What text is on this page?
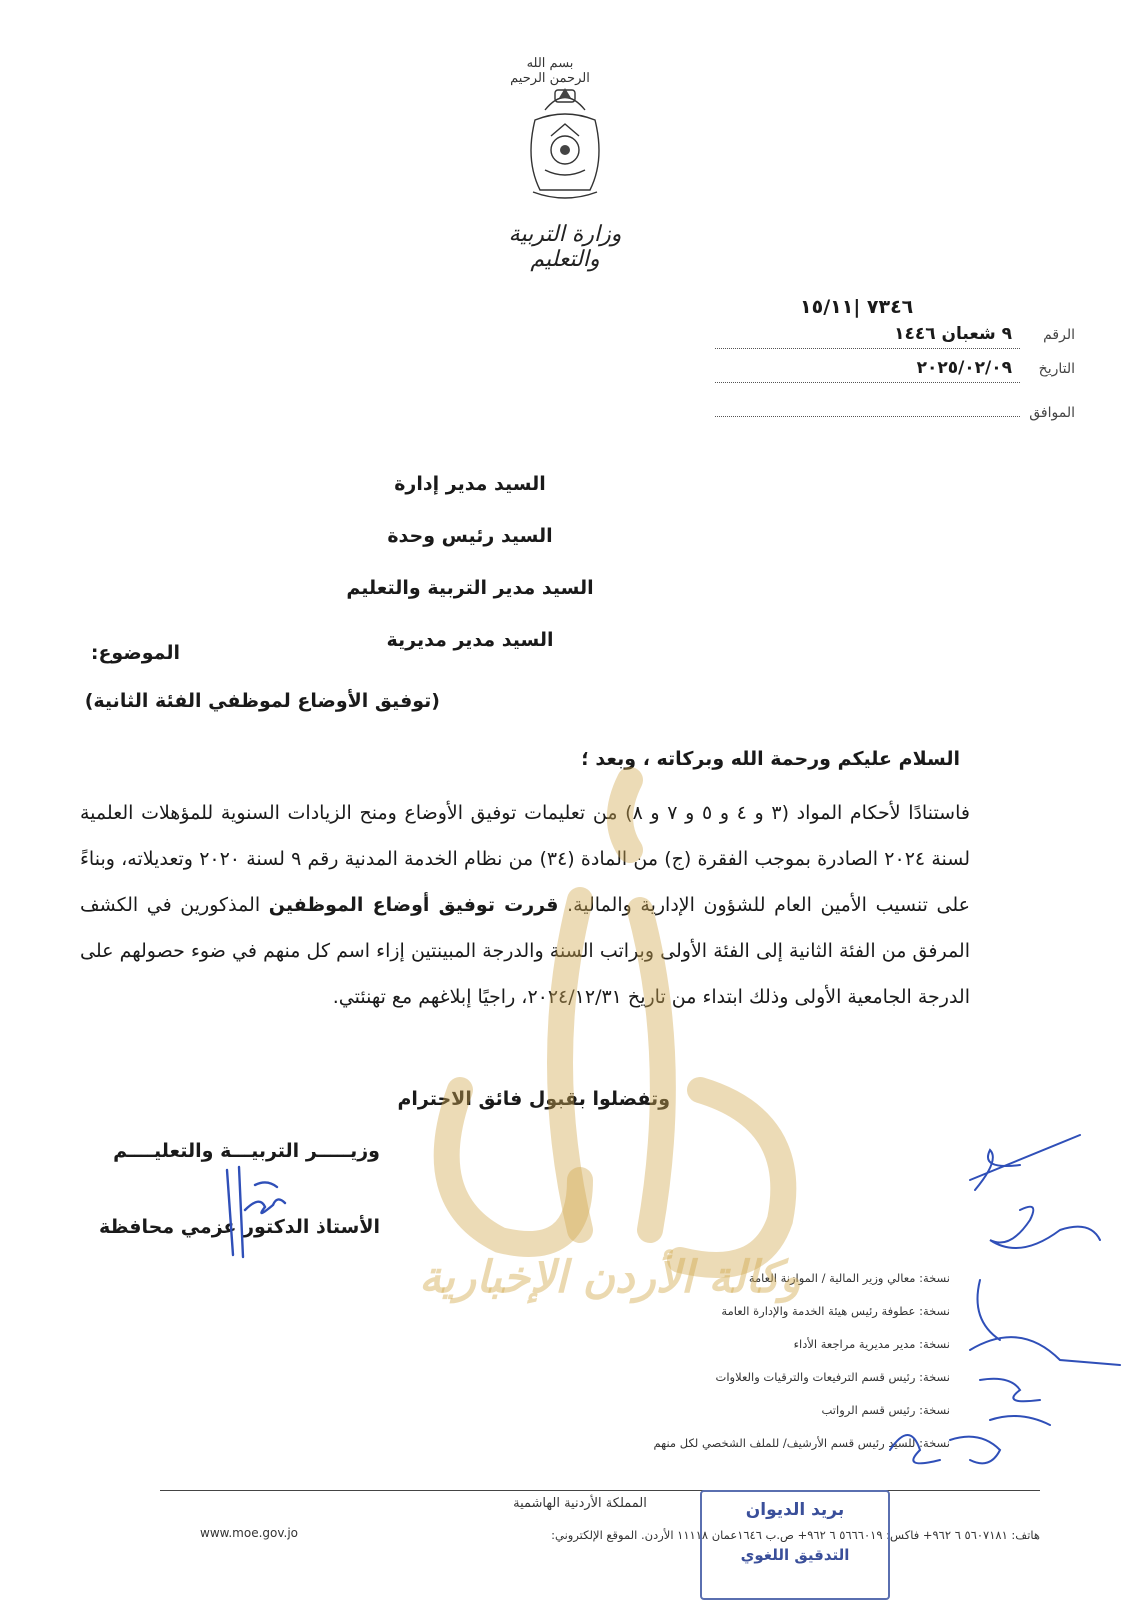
بسم الله الرحمن الرحيم
وزارة التربية والتعليم
٧٣٤٦ |١٥/١١
الرقم
٩ شعبان ١٤٤٦
التاريخ
٢٠٢٥/٠٢/٠٩
الموافق
السيد مدير إدارة
السيد رئيس وحدة
السيد مدير التربية والتعليم
السيد مدير مديرية
الموضوع:
(توفيق الأوضاع لموظفي الفئة الثانية)
السلام عليكم ورحمة الله وبركاته ، وبعد ؛
فاستنادًا لأحكام المواد (٣ و ٤ و ٥ و ٧ و ٨) من تعليمات توفيق الأوضاع ومنح الزيادات السنوية للمؤهلات العلمية لسنة ٢٠٢٤ الصادرة بموجب الفقرة (ج) من المادة (٣٤) من نظام الخدمة المدنية رقم ٩ لسنة ٢٠٢٠ وتعديلاته، وبناءً على تنسيب الأمين العام للشؤون الإدارية والمالية. قررت توفيق أوضاع الموظفين المذكورين في الكشف المرفق من الفئة الثانية إلى الفئة الأولى وبراتب السنة والدرجة المبينتين إزاء اسم كل منهم في ضوء حصولهم على الدرجة الجامعية الأولى وذلك ابتداء من تاريخ ٢٠٢٤/١٢/٣١، راجيًا إبلاغهم مع تهنئتي.
وتفضلوا بقبول فائق الاحترام
وزيـــــر التربيـــة والتعليــــم
الأستاذ الدكتور عزمي محافظة
نسخة: معالي وزير المالية / الموازنة العامة
نسخة: عطوفة رئيس هيئة الخدمة والإدارة العامة
نسخة: مدير مديرية مراجعة الأداء
نسخة: رئيس قسم الترفيعات والترقيات والعلاوات
نسخة: رئيس قسم الرواتب
نسخة: للسيد رئيس قسم الأرشيف/ للملف الشخصي لكل منهم
وكالة الأردن الإخبارية
المملكة الأردنية الهاشمية
هاتف: ٥٦٠٧١٨١ ٦ ٩٦٢+ فاكس: ٥٦٦٦٠١٩ ٦ ٩٦٢+ ص.ب ١٦٤٦عمان ١١١١٨ الأردن. الموقع الإلكتروني:
www.moe.gov.jo
بريد الديوان
التدقيق اللغوي
